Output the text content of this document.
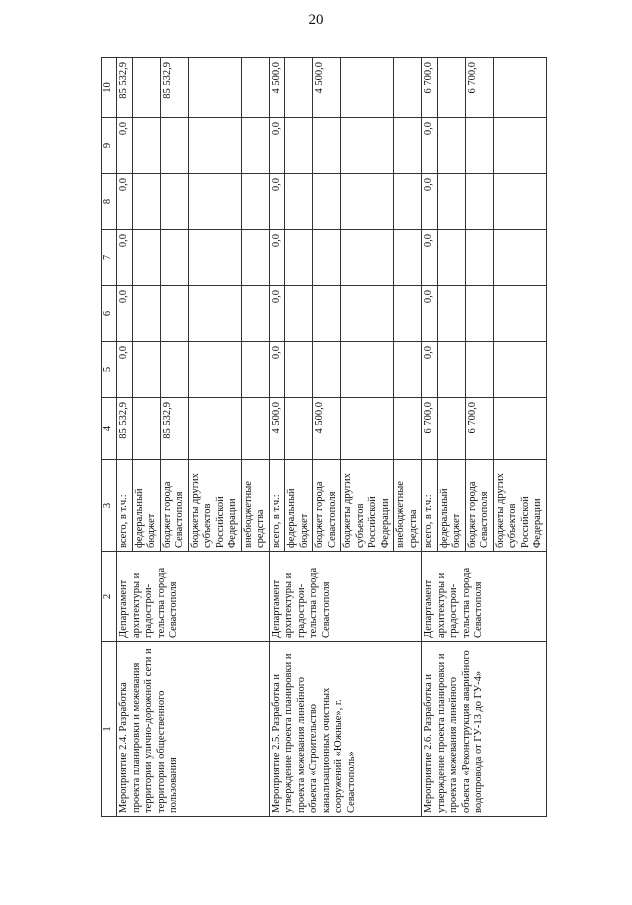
20
1	2	3	4	5	6	7	8	9	10
Мероприятие 2.4. Разработка проекта планировки и межевания территории улично-дорожной сети и территории общественного пользования	Департамент архитектуры и градострои-тельства города Севастополя	всего, в т.ч.:	85 532,9	0,0	0,0	0,0	0,0	0,0	85 532,9
		федеральный бюджет							
		бюджет города Севастополя	85 532,9						85 532,9
		бюджеты других субъектов Российской Федерации							
		внебюджетные средства							
Мероприятие 2.5. Разработка и утверждение проекта планировки и проекта межевания линейного объекта «Строительство канализационных очистных сооружений «Южные», г. Севастополь»	Департамент архитектуры и градострои-тельства города Севастополя	всего, в т.ч.:	4 500,0	0,0	0,0	0,0	0,0	0,0	4 500,0
		федеральный бюджет							
		бюджет города Севастополя	4 500,0						4 500,0
		бюджеты других субъектов Российской Федерации							
		внебюджетные средства							
Мероприятие 2.6. Разработка и утверждение проекта планировки и проекта межевания линейного объекта «Реконструкция аварийного водопровода от ГУ-13 до ГУ-4»	Департамент архитектуры и градострои-тельства города Севастополя	всего, в т.ч.:	6 700,0	0,0	0,0	0,0	0,0	0,0	6 700,0
		федеральный бюджет							
		бюджет города Севастополя	6 700,0						6 700,0
		бюджеты других субъектов Российской Федерации							
